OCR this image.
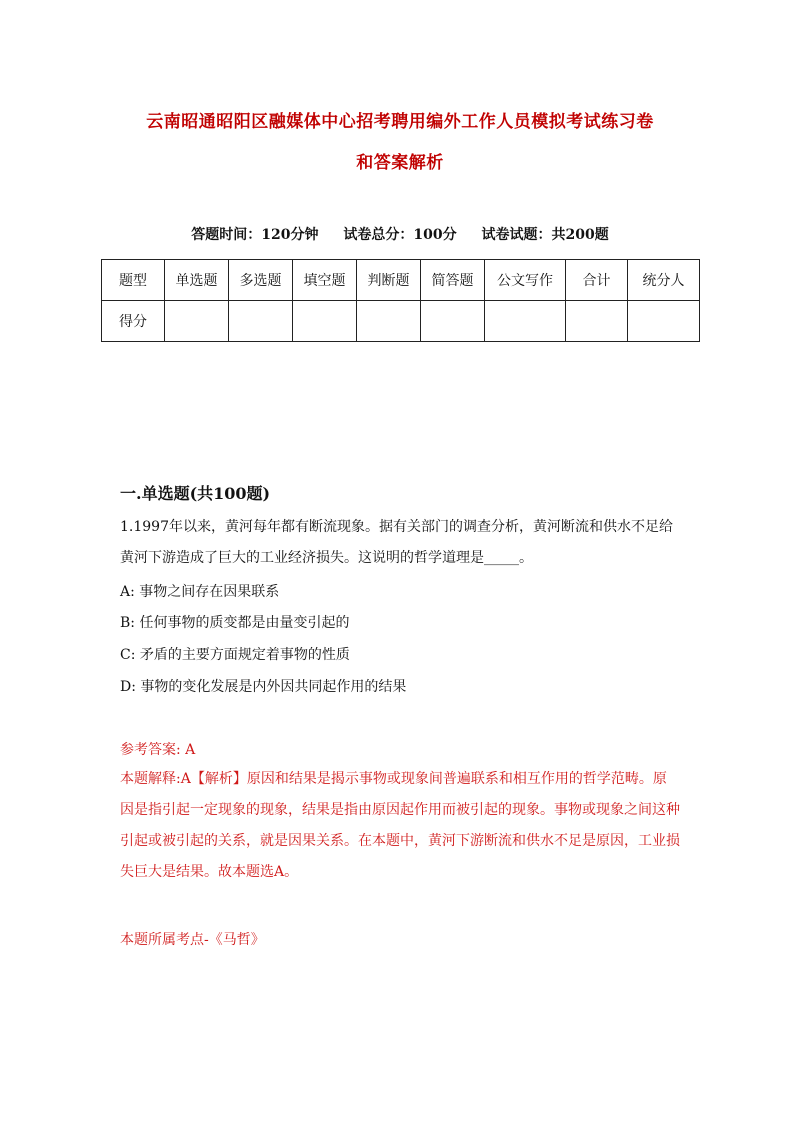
云南昭通昭阳区融媒体中心招考聘用编外工作人员模拟考试练习卷
和答案解析
答题时间：120分钟 试卷总分：100分 试卷试题：共200题
题型	单选题	多选题	填空题	判断题	简答题	公文写作	合计	统分人
得分								
一.单选题(共100题)
1.1997年以来，黄河每年都有断流现象。据有关部门的调查分析，黄河断流和供水不足给黄河下游造成了巨大的工业经济损失。这说明的哲学道理是_____。
A: 事物之间存在因果联系
B: 任何事物的质变都是由量变引起的
C: 矛盾的主要方面规定着事物的性质
D: 事物的变化发展是内外因共同起作用的结果
参考答案: A
本题解释:A【解析】原因和结果是揭示事物或现象间普遍联系和相互作用的哲学范畴。原因是指引起一定现象的现象，结果是指由原因起作用而被引起的现象。事物或现象之间这种引起或被引起的关系，就是因果关系。在本题中，黄河下游断流和供水不足是原因，工业损失巨大是结果。故本题选A。
本题所属考点-《马哲》
